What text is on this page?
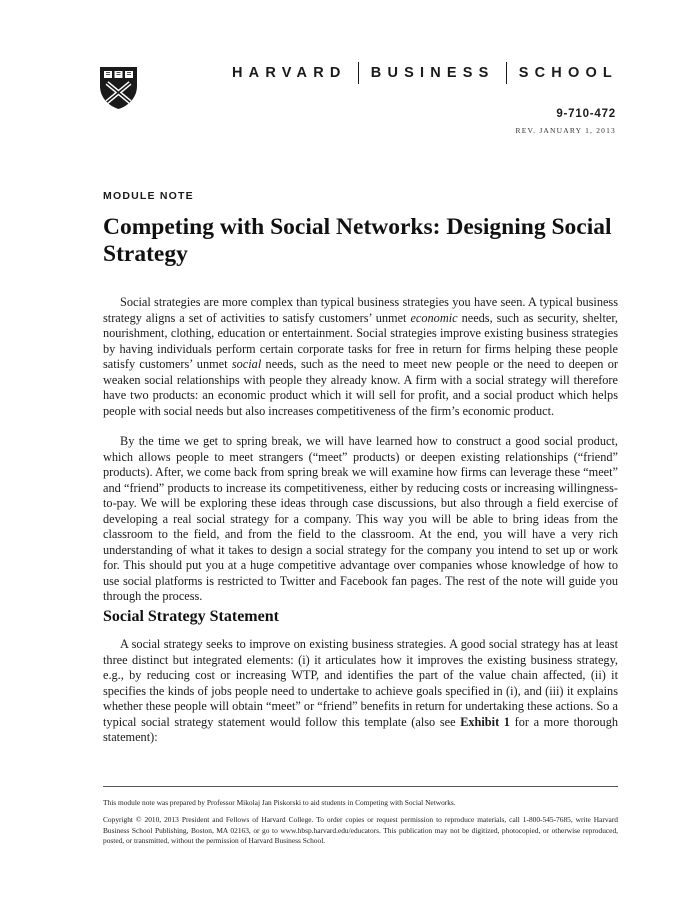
HARVARD BUSINESS SCHOOL
9-710-472
REV. JANUARY 1, 2013
MODULE NOTE
Competing with Social Networks: Designing Social Strategy

Social strategies are more complex than typical business strategies you have seen. A typical business strategy aligns a set of activities to satisfy customers’ unmet economic needs, such as security, shelter, nourishment, clothing, education or entertainment. Social strategies improve existing business strategies by having individuals perform certain corporate tasks for free in return for firms helping these people satisfy customers’ unmet social needs, such as the need to meet new people or the need to deepen or weaken social relationships with people they already know. A firm with a social strategy will therefore have two products: an economic product which it will sell for profit, and a social product which helps people with social needs but also increases competitiveness of the firm’s economic product.

By the time we get to spring break, we will have learned how to construct a good social product, which allows people to meet strangers (“meet” products) or deepen existing relationships (“friend” products). After, we come back from spring break we will examine how firms can leverage these “meet” and “friend” products to increase its competitiveness, either by reducing costs or increasing willingness-to-pay. We will be exploring these ideas through case discussions, but also through a field exercise of developing a real social strategy for a company. This way you will be able to bring ideas from the classroom to the field, and from the field to the classroom. At the end, you will have a very rich understanding of what it takes to design a social strategy for the company you intend to set up or work for. This should put you at a huge competitive advantage over companies whose knowledge of how to use social platforms is restricted to Twitter and Facebook fan pages. The rest of the note will guide you through the process.

Social Strategy Statement

A social strategy seeks to improve on existing business strategies. A good social strategy has at least three distinct but integrated elements: (i) it articulates how it improves the existing business strategy, e.g., by reducing cost or increasing WTP, and identifies the part of the value chain affected, (ii) it specifies the kinds of jobs people need to undertake to achieve goals specified in (i), and (iii) it explains whether these people will obtain “meet” or “friend” benefits in return for undertaking these actions. So a typical social strategy statement would follow this template (also see Exhibit 1 for a more thorough statement):

This module note was prepared by Professor Mikolaj Jan Piskorski to aid students in Competing with Social Networks.
Copyright © 2010, 2013 President and Fellows of Harvard College. To order copies or request permission to reproduce materials, call 1-800-545-7685, write Harvard Business School Publishing, Boston, MA 02163, or go to www.hbsp.harvard.edu/educators. This publication may not be digitized, photocopied, or otherwise reproduced, posted, or transmitted, without the permission of Harvard Business School.
